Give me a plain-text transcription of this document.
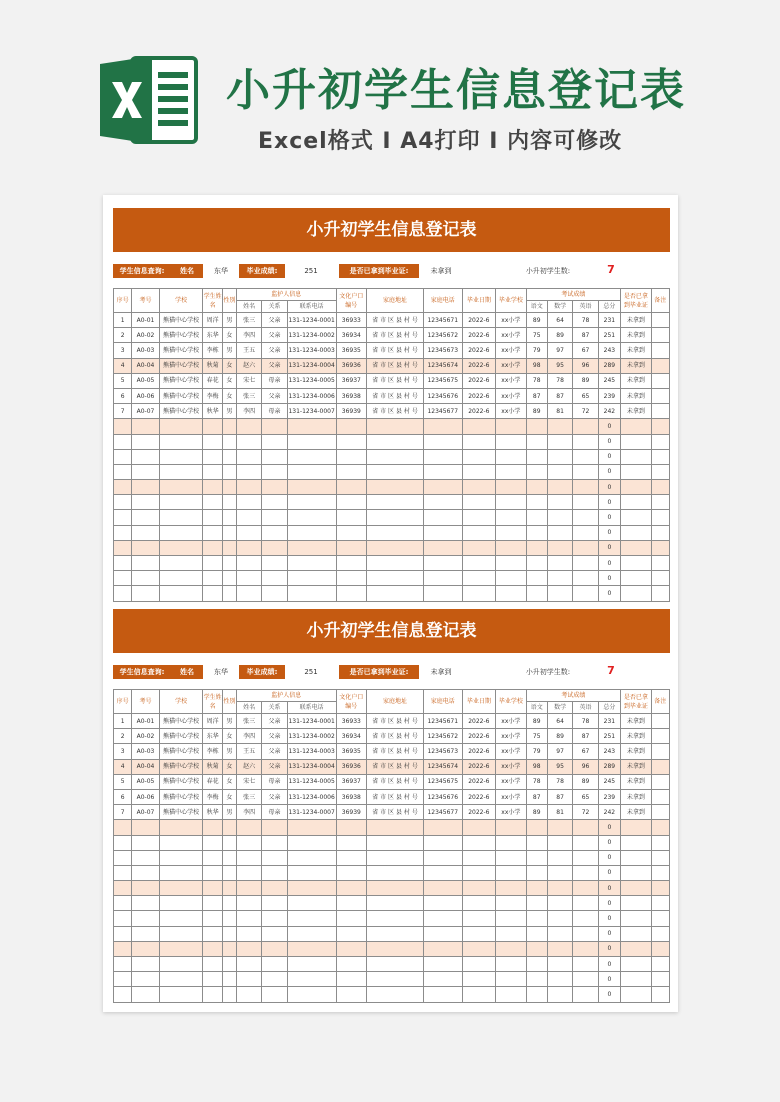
小升初学生信息登记表
Excel格式 I A4打印 I 内容可修改
小升初学生信息登记表
学生信息查询:	姓名	东华	毕业成绩:	251	是否已拿到毕业证:	未拿到	小升初学生数:	7
序号	考号	学校	学生姓名	性别	监护人信息			文化户口编号	家庭地址	家庭电话	毕业日期	毕业学校	考试成绩				是否已拿到毕业证	备注
					姓名	关系	联系电话						语文	数学	英语	总分		
1	A0-01	熊猫中心学校	周洋	男	张三	父亲	131-1234-0001	36933	省 市 区 县 村 号	12345671	2022-6	xx小学	89	64	78	231	未拿到	
2	A0-02	熊猫中心学校	东华	女	李四	父亲	131-1234-0002	36934	省 市 区 县 村 号	12345672	2022-6	xx小学	75	89	87	251	未拿到	
3	A0-03	熊猫中心学校	李栋	男	王五	父亲	131-1234-0003	36935	省 市 区 县 村 号	12345673	2022-6	xx小学	79	97	67	243	未拿到	
4	A0-04	熊猫中心学校	秋菊	女	赵六	父亲	131-1234-0004	36936	省 市 区 县 村 号	12345674	2022-6	xx小学	98	95	96	289	未拿到	
5	A0-05	熊猫中心学校	春花	女	宋七	母亲	131-1234-0005	36937	省 市 区 县 村 号	12345675	2022-6	xx小学	78	78	89	245	未拿到	
6	A0-06	熊猫中心学校	李梅	女	张三	父亲	131-1234-0006	36938	省 市 区 县 村 号	12345676	2022-6	xx小学	87	87	65	239	未拿到	
7	A0-07	熊猫中心学校	秋华	男	李四	母亲	131-1234-0007	36939	省 市 区 县 村 号	12345677	2022-6	xx小学	89	81	72	242	未拿到	
																0		
																0		
																0		
																0		
																0		
																0		
																0		
																0		
																0		
																0		
																0		
																0		
小升初学生信息登记表
学生信息查询:	姓名	东华	毕业成绩:	251	是否已拿到毕业证:	未拿到	小升初学生数:	7
序号	考号	学校	学生姓名	性别	监护人信息			文化户口编号	家庭地址	家庭电话	毕业日期	毕业学校	考试成绩				是否已拿到毕业证	备注
					姓名	关系	联系电话						语文	数学	英语	总分		
1	A0-01	熊猫中心学校	周洋	男	张三	父亲	131-1234-0001	36933	省 市 区 县 村 号	12345671	2022-6	xx小学	89	64	78	231	未拿到	
2	A0-02	熊猫中心学校	东华	女	李四	父亲	131-1234-0002	36934	省 市 区 县 村 号	12345672	2022-6	xx小学	75	89	87	251	未拿到	
3	A0-03	熊猫中心学校	李栋	男	王五	父亲	131-1234-0003	36935	省 市 区 县 村 号	12345673	2022-6	xx小学	79	97	67	243	未拿到	
4	A0-04	熊猫中心学校	秋菊	女	赵六	父亲	131-1234-0004	36936	省 市 区 县 村 号	12345674	2022-6	xx小学	98	95	96	289	未拿到	
5	A0-05	熊猫中心学校	春花	女	宋七	母亲	131-1234-0005	36937	省 市 区 县 村 号	12345675	2022-6	xx小学	78	78	89	245	未拿到	
6	A0-06	熊猫中心学校	李梅	女	张三	父亲	131-1234-0006	36938	省 市 区 县 村 号	12345676	2022-6	xx小学	87	87	65	239	未拿到	
7	A0-07	熊猫中心学校	秋华	男	李四	母亲	131-1234-0007	36939	省 市 区 县 村 号	12345677	2022-6	xx小学	89	81	72	242	未拿到	
																0		
																0		
																0		
																0		
																0		
																0		
																0		
																0		
																0		
																0		
																0		
																0		
